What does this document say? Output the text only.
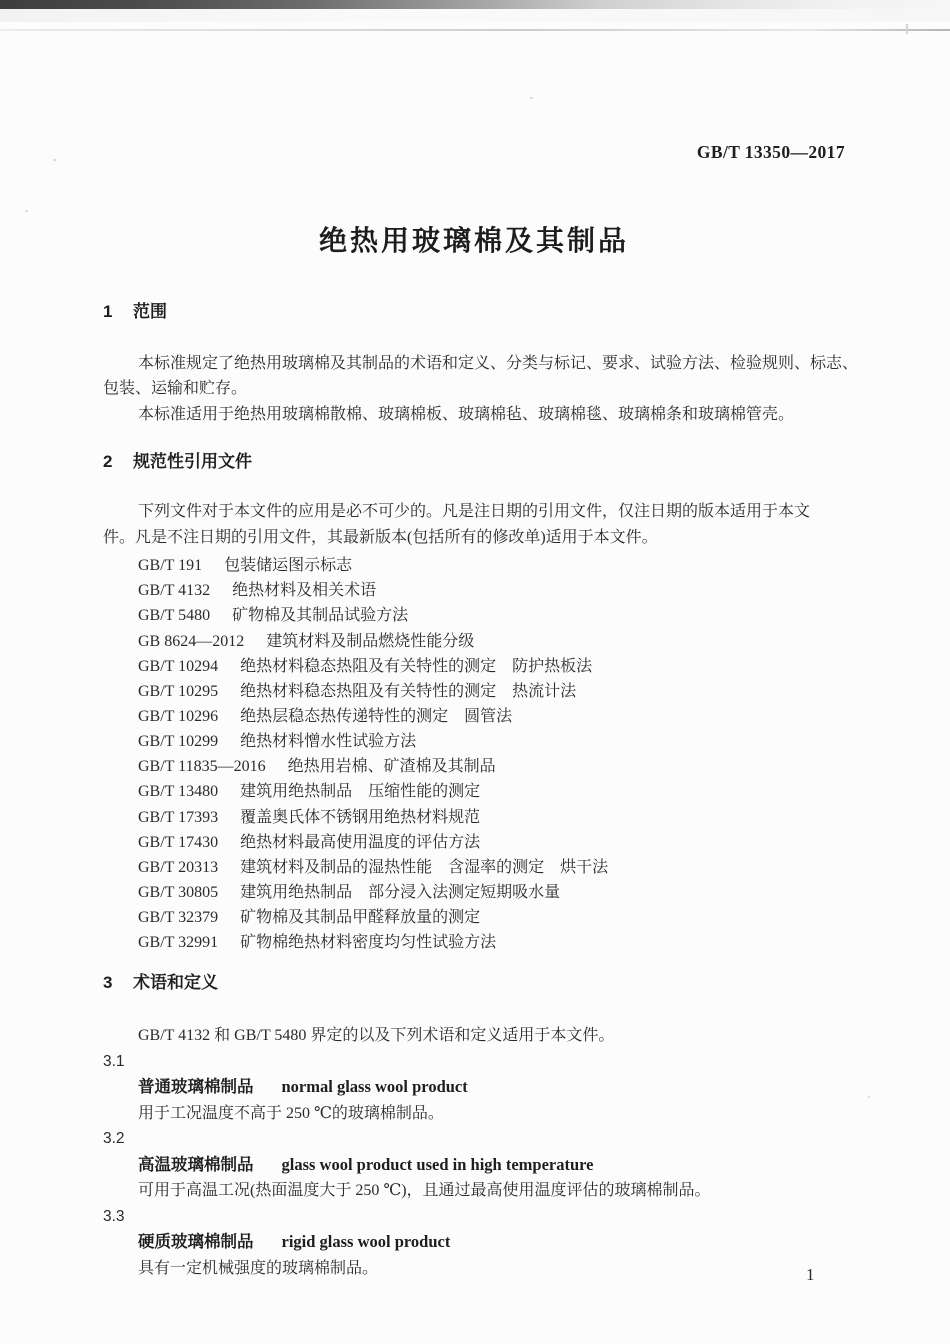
GB/T 13350—2017
绝热用玻璃棉及其制品
1 范围
本标准规定了绝热用玻璃棉及其制品的术语和定义、分类与标记、要求、试验方法、检验规则、标志、
包装、运输和贮存。
本标准适用于绝热用玻璃棉散棉、玻璃棉板、玻璃棉毡、玻璃棉毯、玻璃棉条和玻璃棉管壳。
2 规范性引用文件
下列文件对于本文件的应用是必不可少的。凡是注日期的引用文件，仅注日期的版本适用于本文
件。凡是不注日期的引用文件，其最新版本(包括所有的修改单)适用于本文件。
GB/T 191 包装储运图示标志
GB/T 4132 绝热材料及相关术语
GB/T 5480 矿物棉及其制品试验方法
GB 8624—2012 建筑材料及制品燃烧性能分级
GB/T 10294 绝热材料稳态热阻及有关特性的测定　防护热板法
GB/T 10295 绝热材料稳态热阻及有关特性的测定　热流计法
GB/T 10296 绝热层稳态热传递特性的测定　圆管法
GB/T 10299 绝热材料憎水性试验方法
GB/T 11835—2016 绝热用岩棉、矿渣棉及其制品
GB/T 13480 建筑用绝热制品　压缩性能的测定
GB/T 17393 覆盖奥氏体不锈钢用绝热材料规范
GB/T 17430 绝热材料最高使用温度的评估方法
GB/T 20313 建筑材料及制品的湿热性能　含湿率的测定　烘干法
GB/T 30805 建筑用绝热制品　部分浸入法测定短期吸水量
GB/T 32379 矿物棉及其制品甲醛释放量的测定
GB/T 32991 矿物棉绝热材料密度均匀性试验方法
3 术语和定义
GB/T 4132 和 GB/T 5480 界定的以及下列术语和定义适用于本文件。
3.1
普通玻璃棉制品 normal glass wool product
用于工况温度不高于 250 ℃的玻璃棉制品。
3.2
高温玻璃棉制品 glass wool product used in high temperature
可用于高温工况(热面温度大于 250 ℃)，且通过最高使用温度评估的玻璃棉制品。
3.3
硬质玻璃棉制品 rigid glass wool product
具有一定机械强度的玻璃棉制品。	1
